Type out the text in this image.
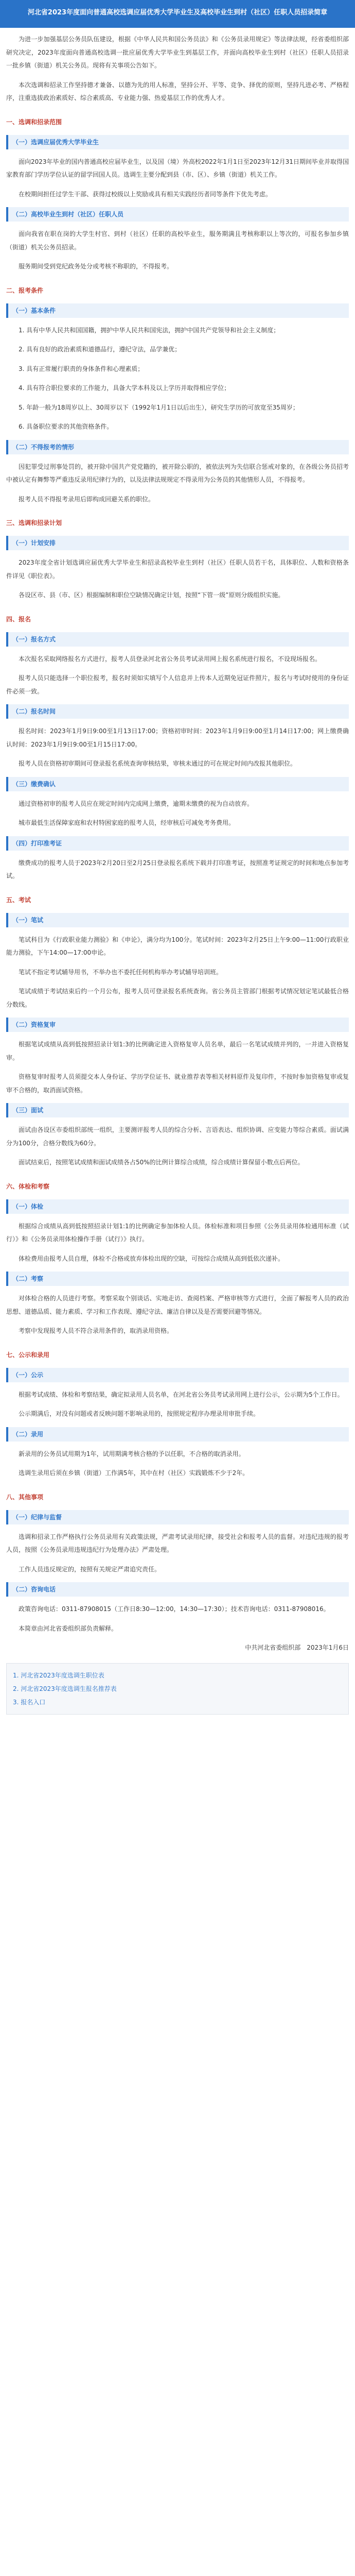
河北省2023年度面向普通高校选调应届优秀大学毕业生及高校毕业生到村（社区）任职人员招录简章

为进一步加强基层公务员队伍建设，根据《中华人民共和国公务员法》和《公务员录用规定》等法律法规，经省委组织部研究决定，2023年度面向普通高校选调一批应届优秀大学毕业生到基层工作，并面向高校毕业生到村（社区）任职人员招录一批乡镇（街道）机关公务员。现将有关事项公告如下。

本次选调和招录工作坚持德才兼备、以德为先的用人标准，坚持公开、平等、竞争、择优的原则，坚持凡进必考、严格程序，注重选拔政治素质好、综合素质高、专业能力强、热爱基层工作的优秀人才。

一、选调和招录范围
（一）选调应届优秀大学毕业生

面向2023年毕业的国内普通高校应届毕业生，以及国（境）外高校2022年1月1日至2023年12月31日期间毕业并取得国家教育部门学历学位认证的留学回国人员。选调生主要分配到县（市、区）、乡镇（街道）机关工作。

在校期间担任过学生干部、获得过校级以上奖励或具有相关实践经历者同等条件下优先考虑。

（二）高校毕业生到村（社区）任职人员

面向我省在职在岗的大学生村官、到村（社区）任职的高校毕业生，服务期满且考核称职以上等次的，可报名参加乡镇（街道）机关公务员招录。

服务期间受到党纪政务处分或考核不称职的，不得报考。

二、报考条件
（一）基本条件

1. 具有中华人民共和国国籍，拥护中华人民共和国宪法，拥护中国共产党领导和社会主义制度；

2. 具有良好的政治素质和道德品行，遵纪守法，品学兼优；

3. 具有正常履行职责的身体条件和心理素质；

4. 具有符合职位要求的工作能力，具备大学本科及以上学历并取得相应学位；

5. 年龄一般为18周岁以上、30周岁以下（1992年1月1日以后出生），研究生学历的可放宽至35周岁；

6. 具备职位要求的其他资格条件。

（二）不得报考的情形

因犯罪受过刑事处罚的，被开除中国共产党党籍的，被开除公职的，被依法列为失信联合惩戒对象的，在各级公务员招考中被认定有舞弊等严重违反录用纪律行为的，以及法律法规规定不得录用为公务员的其他情形人员，不得报考。

报考人员不得报考录用后即构成回避关系的职位。

三、选调和招录计划
（一）计划安排

2023年度全省计划选调应届优秀大学毕业生和招录高校毕业生到村（社区）任职人员若干名，具体职位、人数和资格条件详见《职位表》。

各设区市、县（市、区）根据编制和职位空缺情况确定计划，按照“下管一级”原则分级组织实施。

四、报名
（一）报名方式

本次报名采取网络报名方式进行，报考人员登录河北省公务员考试录用网上报名系统进行报名，不设现场报名。

报考人员只能选择一个职位报考，报名时须如实填写个人信息并上传本人近期免冠证件照片，报名与考试时使用的身份证件必须一致。

（二）报名时间

报名时间：2023年1月9日9:00至1月13日17:00；资格初审时间：2023年1月9日9:00至1月14日17:00；网上缴费确认时间：2023年1月9日9:00至1月15日17:00。

报考人员在资格初审期间可登录报名系统查询审核结果，审核未通过的可在规定时间内改报其他职位。

（三）缴费确认

通过资格初审的报考人员应在规定时间内完成网上缴费，逾期未缴费的视为自动放弃。

城市最低生活保障家庭和农村特困家庭的报考人员，经审核后可减免考务费用。

（四）打印准考证

缴费成功的报考人员于2023年2月20日至2月25日登录报名系统下载并打印准考证，按照准考证规定的时间和地点参加考试。

五、考试
（一）笔试

笔试科目为《行政职业能力测验》和《申论》，满分均为100分。笔试时间：2023年2月25日上午9:00—11:00行政职业能力测验，下午14:00—17:00申论。

笔试不指定考试辅导用书，不举办也不委托任何机构举办考试辅导培训班。

笔试成绩于考试结束后约一个月公布，报考人员可登录报名系统查询。省公务员主管部门根据考试情况划定笔试最低合格分数线。

（二）资格复审

根据笔试成绩从高到低按照招录计划1:3的比例确定进入资格复审人员名单，最后一名笔试成绩并列的，一并进入资格复审。

资格复审时报考人员须提交本人身份证、学历学位证书、就业推荐表等相关材料原件及复印件，不按时参加资格复审或复审不合格的，取消面试资格。

（三）面试

面试由各设区市委组织部统一组织，主要测评报考人员的综合分析、言语表达、组织协调、应变能力等综合素质。面试满分为100分，合格分数线为60分。

面试结束后，按照笔试成绩和面试成绩各占50%的比例计算综合成绩，综合成绩计算保留小数点后两位。

六、体检和考察
（一）体检

根据综合成绩从高到低按照招录计划1:1的比例确定参加体检人员。体检标准和项目参照《公务员录用体检通用标准（试行）》和《公务员录用体检操作手册（试行）》执行。

体检费用由报考人员自理，体检不合格或放弃体检出现的空缺，可按综合成绩从高到低依次递补。

（二）考察

对体检合格的人员进行考察。考察采取个别谈话、实地走访、查阅档案、严格审核等方式进行，全面了解报考人员的政治思想、道德品质、能力素质、学习和工作表现、遵纪守法、廉洁自律以及是否需要回避等情况。

考察中发现报考人员不符合录用条件的，取消录用资格。

七、公示和录用
（一）公示

根据考试成绩、体检和考察结果，确定拟录用人员名单，在河北省公务员考试录用网上进行公示，公示期为5个工作日。

公示期满后，对没有问题或者反映问题不影响录用的，按照规定程序办理录用审批手续。

（二）录用

新录用的公务员试用期为1年，试用期满考核合格的予以任职，不合格的取消录用。

选调生录用后须在乡镇（街道）工作满5年，其中在村（社区）实践锻炼不少于2年。

八、其他事项
（一）纪律与监督

选调和招录工作严格执行公务员录用有关政策法规，严肃考试录用纪律，接受社会和报考人员的监督。对违纪违规的报考人员，按照《公务员录用违规违纪行为处理办法》严肃处理。

工作人员违反规定的，按照有关规定严肃追究责任。

（二）咨询电话

政策咨询电话：0311-87908015（工作日8:30—12:00，14:30—17:30）；技术咨询电话：0311-87908016。

本简章由河北省委组织部负责解释。

中共河北省委组织部　2023年1月6日

1. 河北省2023年度选调生职位表
2. 河北省2023年度选调生报名推荐表
3. 报名入口
